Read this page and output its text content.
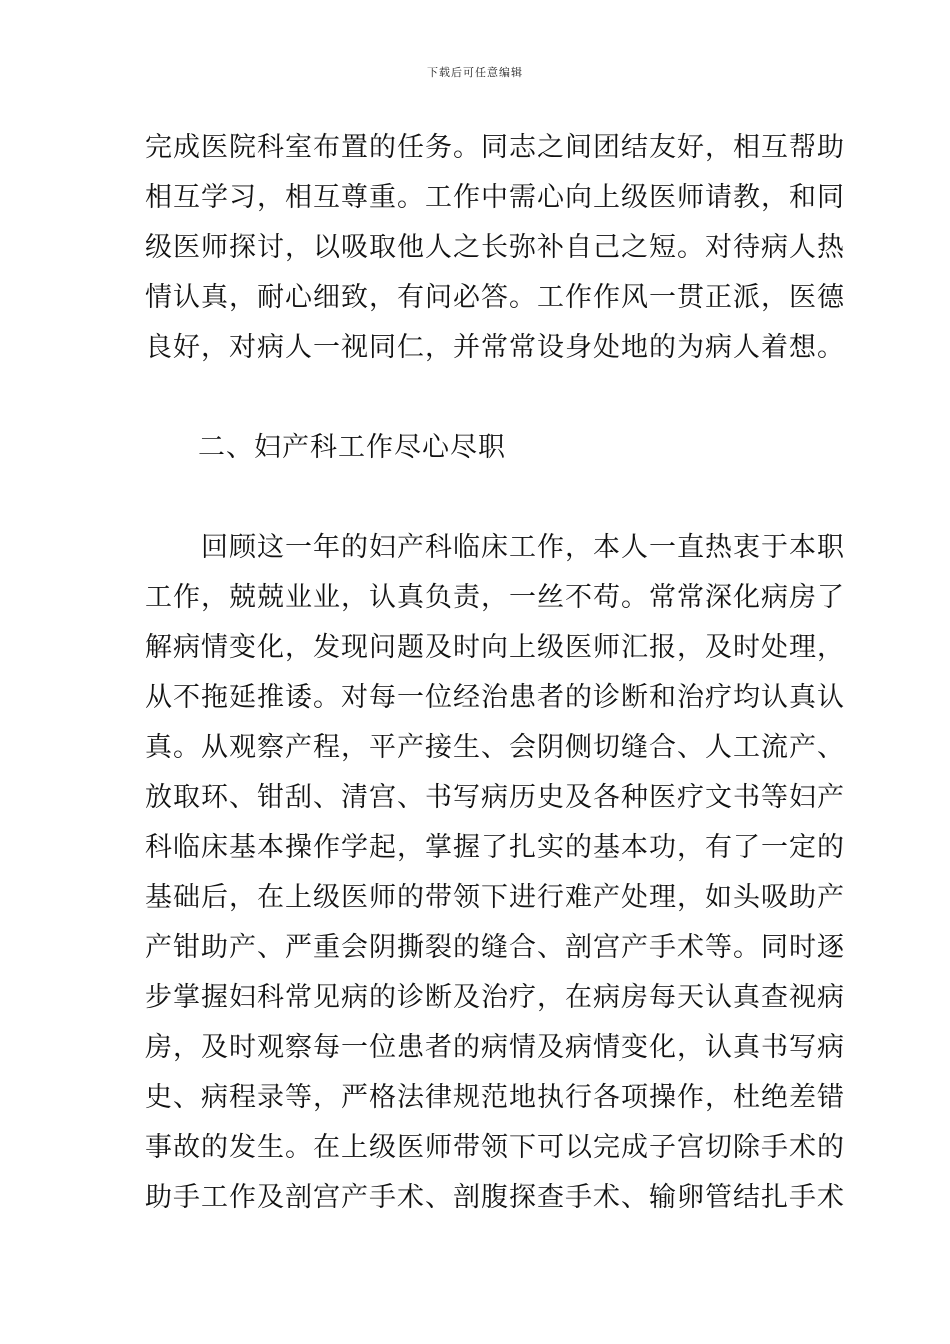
下载后可任意编辑
完成医院科室布置的任务。同志之间团结友好，相互帮助
相互学习，相互尊重。工作中需心向上级医师请教，和同
级医师探讨，以吸取他人之长弥补自己之短。对待病人热
情认真，耐心细致，有问必答。工作作风一贯正派，医德
良好，对病人一视同仁，并常常设身处地的为病人着想。
二、妇产科工作尽心尽职
　　回顾这一年的妇产科临床工作，本人一直热衷于本职
工作，兢兢业业，认真负责，一丝不苟。常常深化病房了
解病情变化，发现问题及时向上级医师汇报，及时处理，
从不拖延推诿。对每一位经治患者的诊断和治疗均认真认
真。从观察产程，平产接生、会阴侧切缝合、人工流产、
放取环、钳刮、清宫、书写病历史及各种医疗文书等妇产
科临床基本操作学起，掌握了扎实的基本功，有了一定的
基础后，在上级医师的带领下进行难产处理，如头吸助产
产钳助产、严重会阴撕裂的缝合、剖宫产手术等。同时逐
步掌握妇科常见病的诊断及治疗，在病房每天认真查视病
房，及时观察每一位患者的病情及病情变化，认真书写病
史、病程录等，严格法律规范地执行各项操作，杜绝差错
事故的发生。在上级医师带领下可以完成子宫切除手术的
助手工作及剖宫产手术、剖腹探查手术、输卵管结扎手术
